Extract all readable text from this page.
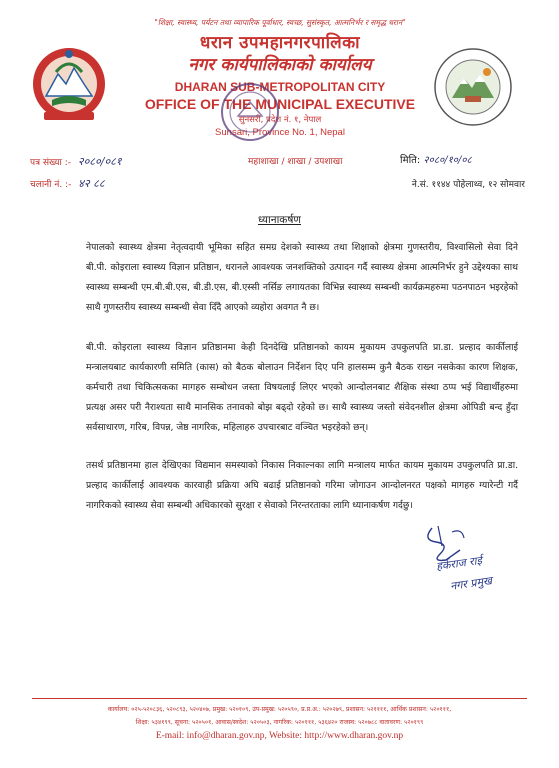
"शिक्षा, स्वास्थ्य, पर्यटन तथा व्यापारिक पूर्वाधार, स्वच्छ, सुसंस्कृत, आत्मनिर्भर र समृद्ध धरान"
धरान उपमहानगरपालिका
नगर कार्यपालिकाको कार्यालय
DHARAN SUB-METROPOLITAN CITY
OFFICE OF THE MUNICIPAL EXECUTIVE
सुनसरी, प्रदेश नं. १, नेपाल
Sunsari, Province No. 1, Nepal
पत्र संख्या :- २०८०/०८१	महाशाखा / शाखा / उपशाखा	मिति: २०८०/१०/०८
चलानी नं. :- ४२ ८८	ने.सं. ११४४ पोहेलाथ्व, १२ सोमवार
ध्यानाकर्षण

नेपालको स्वास्थ्य क्षेत्रमा नेतृत्वदायी भूमिका सहित समग्र देशको स्वास्थ्य तथा शिक्षाको क्षेत्रमा गुणस्तरीय, विश्वासिलो सेवा दिने बी.पी. कोइराला स्वास्थ्य विज्ञान प्रतिष्ठान, धरानले आवश्यक जनशक्तिको उत्पादन गर्दै स्वास्थ्य क्षेत्रमा आत्मनिर्भर हुने उद्देश्यका साथ स्वास्थ्य सम्बन्धी एम.बी.बी.एस, बी.डी.एस, बी.एस्सी नर्सिङ लगायतका विभिन्न स्वास्थ्य सम्बन्धी कार्यक्रमहरुमा पठनपाठन भइरहेको साथै गुणस्तरीय स्वास्थ्य सम्बन्धी सेवा दिँदै आएको व्यहोरा अवगत नै छ।

बी.पी. कोइराला स्वास्थ्य विज्ञान प्रतिष्ठानमा केही दिनदेखि प्रतिष्ठानको कायम मुकायम उपकुलपति प्रा.डा. प्रल्हाद कार्कीलाई मन्त्रालयबाट कार्यकारणी समिति (कास) को बैठक बोलाउन निर्देशन दिए पनि हालसम्म कुनै बैठक राख्न नसकेका कारण शिक्षक, कर्मचारी तथा चिकित्सकका मागहरु सम्बोधन जस्ता विषयलाई लिएर भएको आन्दोलनबाट शैक्षिक संस्था ठप्प भई विद्यार्थीहरुमा प्रत्यक्ष असर परी नैराश्यता साथै मानसिक तनावको बोझ बढ्दो रहेको छ। साथै स्वास्थ्य जस्तो संवेदनशील क्षेत्रमा ओपिडी बन्द हुँदा सर्वसाधारण, गरिब, विपन्न, जेष्ठ नागरिक, महिलाहरु उपचारबाट वञ्चित भइरहेको छन्।

तसर्थ प्रतिष्ठानमा हाल देखिएका विद्यमान समस्याको निकास निकाल्नका लागि मन्त्रालय मार्फत कायम मुकायम उपकुलपति प्रा.डा. प्रल्हाद कार्कीलाई आवश्यक कारवाही प्रक्रिया अघि बढाई प्रतिष्ठानको गरिमा जोगाउन आन्दोलनरत पक्षको मागहरु ग्यारेन्टी गर्दै नागरिकको स्वास्थ्य सेवा सम्बन्धी अधिकारको सुरक्षा र सेवाको निरन्तरताका लागि ध्यानाकर्षण गर्दछु।

हर्कराज राई
नगर प्रमुख
कार्यालय: ०२५-५२०८३६, ५२०८९३, ५२०४०७, प्रमुख: ५२०१०९, उप-प्रमुख: ५२०५९०, प्र.प्र.अ.: ५२०२७९, प्रशासन: ५२११११, आर्थिक प्रशासन: ५२०१११,
शिक्षा: ५३४१९९, सूचना: ५२०५०१, आवास/स्वदेश: ५२०५०३, नागरिक: ५२०१११, ५३६४२० राजस्व: ५२०७८८ वातावरण: ५२०१९९
E-mail: info@dharan.gov.np, Website: http://www.dharan.gov.np
